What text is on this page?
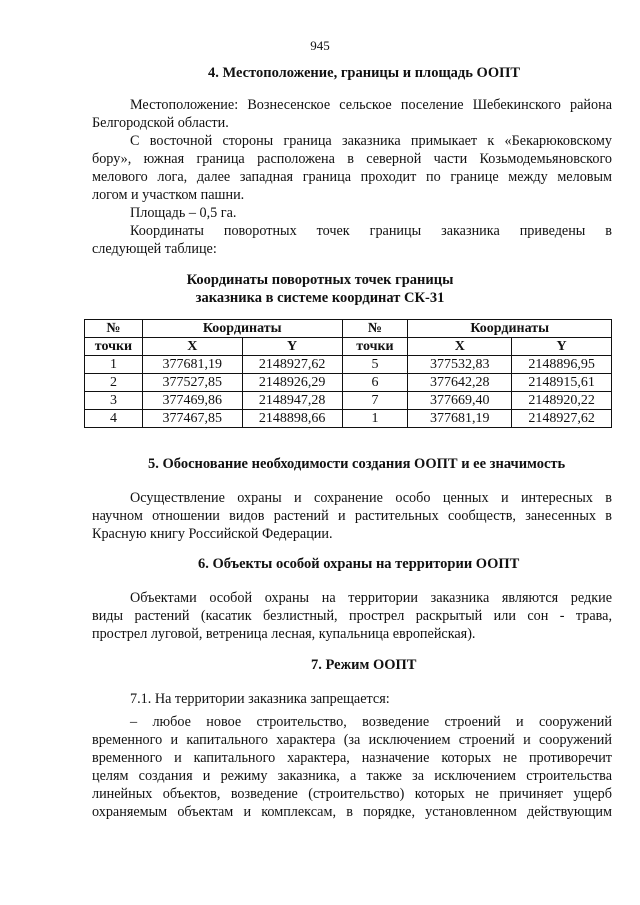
945
4. Местоположение, границы и площадь ООПТ
Местоположение: Вознесенское сельское поселение Шебекинского района
Белгородской области.
С восточной стороны граница заказника примыкает к «Бекарюковскому
бору», южная граница расположена в северной части Козьмодемьяновского
мелового лога, далее западная граница проходит по границе между меловым
логом и участком пашни.
Площадь – 0,5 га.
Координаты поворотных точек границы заказника приведены в
следующей таблице:
Координаты поворотных точек границы
заказника в системе координат СК-31
№	Координаты		№	Координаты	
точки	X	Y	точки	X	Y
1	377681,19	2148927,62	5	377532,83	2148896,95
2	377527,85	2148926,29	6	377642,28	2148915,61
3	377469,86	2148947,28	7	377669,40	2148920,22
4	377467,85	2148898,66	1	377681,19	2148927,62
5. Обоснование необходимости создания ООПТ и ее значимость
Осуществление охраны и сохранение особо ценных и интересных в
научном отношении видов растений и растительных сообществ, занесенных в
Красную книгу Российской Федерации.
6. Объекты особой охраны на территории ООПТ
Объектами особой охраны на территории заказника являются редкие
виды растений (касатик безлистный, прострел раскрытый или сон - трава,
прострел луговой, ветреница лесная, купальница европейская).
7. Режим ООПТ
7.1. На территории заказника запрещается:
– любое новое строительство, возведение строений и сооружений
временного и капитального характера (за исключением строений и сооружений
временного и капитального характера, назначение которых не противоречит
целям создания и режиму заказника, а также за исключением строительства
линейных объектов, возведение (строительство) которых не причиняет ущерб
охраняемым объектам и комплексам, в порядке, установленном действующим
